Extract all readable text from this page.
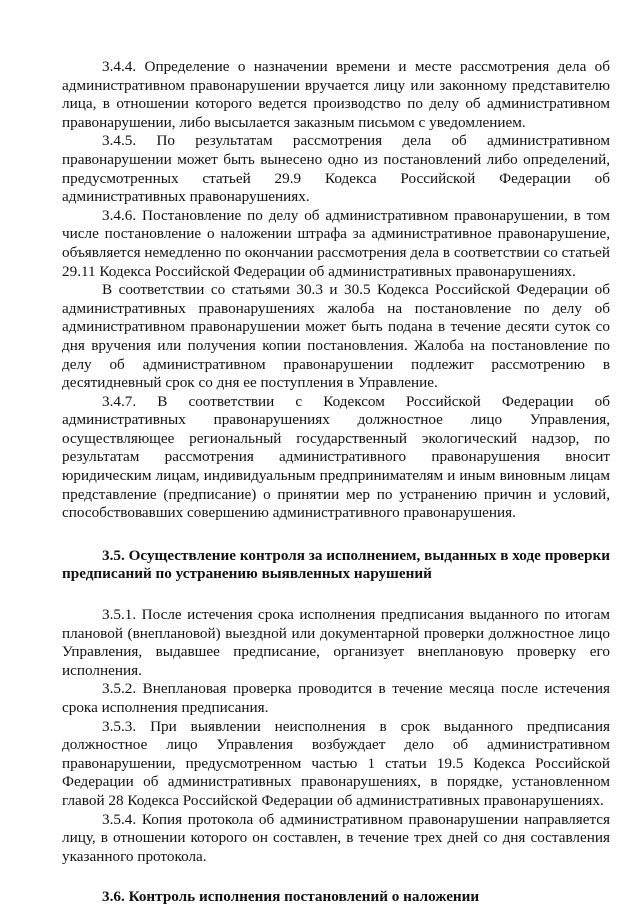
3.4.4. Определение о назначении времени и месте рассмотрения дела об административном правонарушении вручается лицу или законному представителю лица, в отношении которого ведется производство по делу об административном правонарушении, либо высылается заказным письмом с уведомлением.

3.4.5. По результатам рассмотрения дела об административном правонарушении может быть вынесено одно из постановлений либо определений, предусмотренных статьей 29.9 Кодекса Российской Федерации об административных правонарушениях.

3.4.6. Постановление по делу об административном правонарушении, в том числе постановление о наложении штрафа за административное правонарушение, объявляется немедленно по окончании рассмотрения дела в соответствии со статьей 29.11 Кодекса Российской Федерации об административных правонарушениях.

В соответствии со статьями 30.3 и 30.5 Кодекса Российской Федерации об административных правонарушениях жалоба на постановление по делу об административном правонарушении может быть подана в течение десяти суток со дня вручения или получения копии постановления. Жалоба на постановление по делу об административном правонарушении подлежит рассмотрению в десятидневный срок со дня ее поступления в Управление.

3.4.7. В соответствии с Кодексом Российской Федерации об административных правонарушениях должностное лицо Управления, осуществляющее региональный государственный экологический надзор, по результатам рассмотрения административного правонарушения вносит юридическим лицам, индивидуальным предпринимателям и иным виновным лицам представление (предписание) о принятии мер по устранению причин и условий, способствовавших совершению административного правонарушения.

3.5. Осуществление контроля за исполнением, выданных в ходе проверки предписаний по устранению выявленных нарушений

3.5.1. После истечения срока исполнения предписания выданного по итогам плановой (внеплановой) выездной или документарной проверки должностное лицо Управления, выдавшее предписание, организует внеплановую проверку его исполнения.

3.5.2. Внеплановая проверка проводится в течение месяца после истечения срока исполнения предписания.

3.5.3. При выявлении неисполнения в срок выданного предписания должностное лицо Управления возбуждает дело об административном правонарушении, предусмотренном частью 1 статьи 19.5 Кодекса Российской Федерации об административных правонарушениях, в порядке, установленном главой 28 Кодекса Российской Федерации об административных правонарушениях.

3.5.4. Копия протокола об административном правонарушении направляется лицу, в отношении которого он составлен, в течение трех дней со дня составления указанного протокола.

3.6. Контроль исполнения постановлений о наложении
